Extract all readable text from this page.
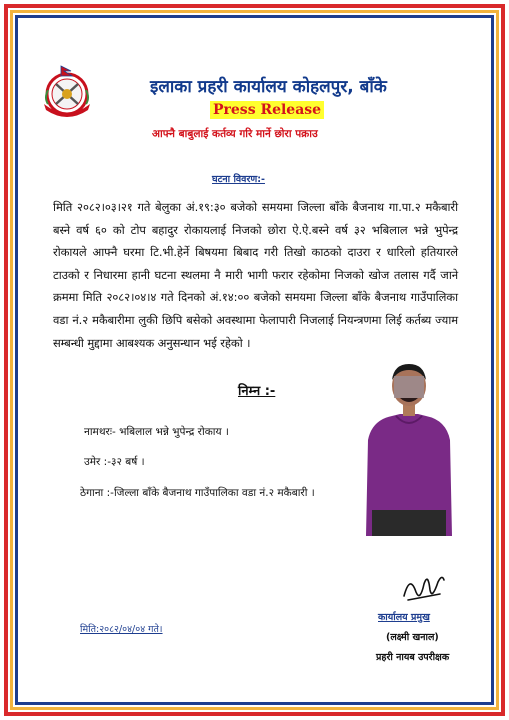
इलाका प्रहरी कार्यालय कोहलपुर, बाँके
Press Release
आफ्नै बाबुलाई कर्तव्य गरि मार्ने छोरा पक्राउ
घटना विवरण:-
मिति २०८२।०३।२१ गते बेलुका अं.१९:३० बजेको समयमा जिल्ला बाँके बैजनाथ गा.पा.२ मकैबारी बस्ने वर्ष ६० को टोप बहादुर रोकायलाई निजको छोरा ऐ.ऐ.बस्ने वर्ष ३२ भबिलाल भन्ने भुपेन्द्र रोकायले आफ्नै घरमा टि.भी.हेर्ने बिषयमा बिबाद गरी तिखो काठको दाउरा र धारिलो हतियारले टाउको र निधारमा हानी घटना स्थलमा नै मारी भागी फरार रहेकोमा निजको खोज तलास गर्दै जाने क्रममा मिति २०८२।०४।४ गते दिनको अं.१४:०० बजेको समयमा जिल्ला बाँके बैजनाथ गाउँपालिका वडा नं.२ मकैबारीमा लुकी छिपि बसेको अवस्थामा फेलापारी निजलाई नियन्त्रणमा लिई कर्तब्य ज्याम सम्बन्धी मुद्दामा आबश्यक अनुसन्धान भई रहेको ।
निम्न :-
नामथरः- भबिलाल भन्ने भुपेन्द्र रोकाय ।
उमेर :-३२ बर्ष ।
ठेगाना :-जिल्ला बाँके बैजनाथ गाउँपालिका वडा नं.२ मकैबारी ।
कार्यालय प्रमुख
(लक्ष्मी खनाल)
प्रहरी नायब उपरीक्षक
मिति:२०८२/०४/०४ गते।
